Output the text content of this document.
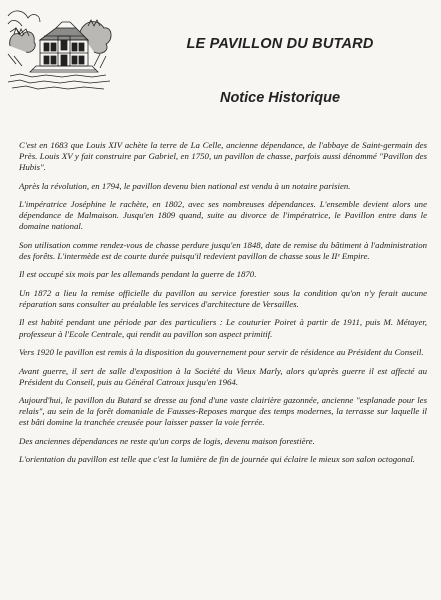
LE PAVILLON DU BUTARD
Notice Historique

C'est en 1683 que Louis XIV achète la terre de La Celle, ancienne dépendance, de l'abbaye de Saint-germain des Près. Louis XV y fait construire par Gabriel, en 1750, un pavillon de chasse, parfois aussi dénommé "Pavillon des Hubis".

Après la révolution, en 1794, le pavillon devenu bien national est vendu à un notaire parisien.

L'impératrice Joséphine le rachète, en 1802, avec ses nombreuses dépendances. L'ensemble devient alors une dépendance de Malmaison. Jusqu'en 1809 quand, suite au divorce de l'impératrice, le Pavillon entre dans le domaine national.

Son utilisation comme rendez-vous de chasse perdure jusqu'en 1848, date de remise du bâtiment à l'administration des forêts. L'intermède est de courte durée puisqu'il redevient pavillon de chasse sous le IIᵉ Empire.

Il est occupé six mois par les allemands pendant la guerre de 1870.

Un 1872 a lieu la remise officielle du pavillon au service forestier sous la condition qu'on n'y ferait aucune réparation sans consulter au préalable les services d'architecture de Versailles.

Il est habité pendant une période par des particuliers : Le couturier Poiret à partir de 1911, puis M. Métayer, professeur à l'Ecole Centrale, qui rendit au pavillon son aspect primitif.

Vers 1920 le pavillon est remis à la disposition du gouvernement pour servir de résidence au Président du Conseil.

Avant guerre, il sert de salle d'exposition à la Société du Vieux Marly, alors qu'après guerre il est affecté au Président du Conseil, puis au Général Catroux jusqu'en 1964.

Aujourd'hui, le pavillon du Butard se dresse au fond d'une vaste clairière gazonnée, ancienne "esplanade pour les relais", au sein de la forêt domaniale de Fausses-Reposes marque des temps modernes, la terrasse sur laquelle il est bâti domine la tranchée creusée pour laisser passer la voie ferrée.

Des anciennes dépendances ne reste qu'un corps de logis, devenu maison forestière.

L'orientation du pavillon est telle que c'est la lumière de fin de journée qui éclaire le mieux son salon octogonal.
